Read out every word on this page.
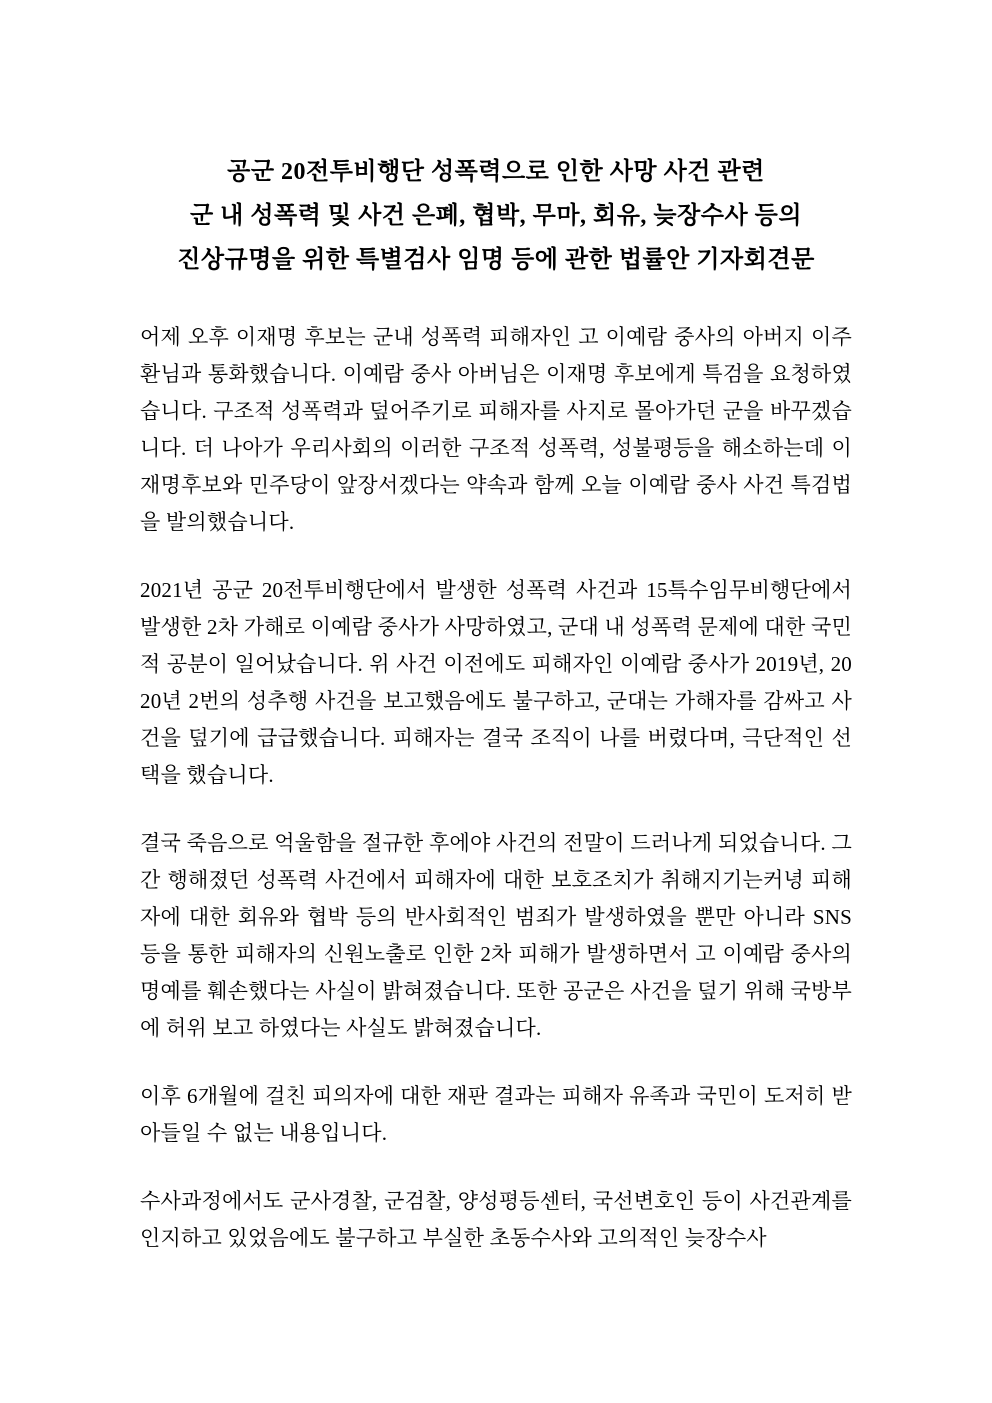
공군 20전투비행단 성폭력으로 인한 사망 사건 관련
군 내 성폭력 및 사건 은폐, 협박, 무마, 회유, 늦장수사 등의
진상규명을 위한 특별검사 임명 등에 관한 법률안 기자회견문

어제 오후 이재명 후보는 군내 성폭력 피해자인 고 이예람 중사의 아버지 이주환님과 통화했습니다. 이예람 중사 아버님은 이재명 후보에게 특검을 요청하였습니다. 구조적 성폭력과 덮어주기로 피해자를 사지로 몰아가던 군을 바꾸겠습니다. 더 나아가 우리사회의 이러한 구조적 성폭력, 성불평등을 해소하는데 이재명후보와 민주당이 앞장서겠다는 약속과 함께 오늘 이예람 중사 사건 특검법을 발의했습니다.

2021년 공군 20전투비행단에서 발생한 성폭력 사건과 15특수임무비행단에서 발생한 2차 가해로 이예람 중사가 사망하였고, 군대 내 성폭력 문제에 대한 국민적 공분이 일어났습니다. 위 사건 이전에도 피해자인 이예람 중사가 2019년, 2020년 2번의 성추행 사건을 보고했음에도 불구하고, 군대는 가해자를 감싸고 사건을 덮기에 급급했습니다. 피해자는 결국 조직이 나를 버렸다며, 극단적인 선택을 했습니다.

결국 죽음으로 억울함을 절규한 후에야 사건의 전말이 드러나게 되었습니다. 그간 행해졌던 성폭력 사건에서 피해자에 대한 보호조치가 취해지기는커녕 피해자에 대한 회유와 협박 등의 반사회적인 범죄가 발생하였을 뿐만 아니라 SNS 등을 통한 피해자의 신원노출로 인한 2차 피해가 발생하면서 고 이예람 중사의 명예를 훼손했다는 사실이 밝혀졌습니다. 또한 공군은 사건을 덮기 위해 국방부에 허위 보고 하였다는 사실도 밝혀졌습니다.

이후 6개월에 걸친 피의자에 대한 재판 결과는 피해자 유족과 국민이 도저히 받아들일 수 없는 내용입니다.

수사과정에서도 군사경찰, 군검찰, 양성평등센터, 국선변호인 등이 사건관계를 인지하고 있었음에도 불구하고 부실한 초동수사와 고의적인 늦장수사
